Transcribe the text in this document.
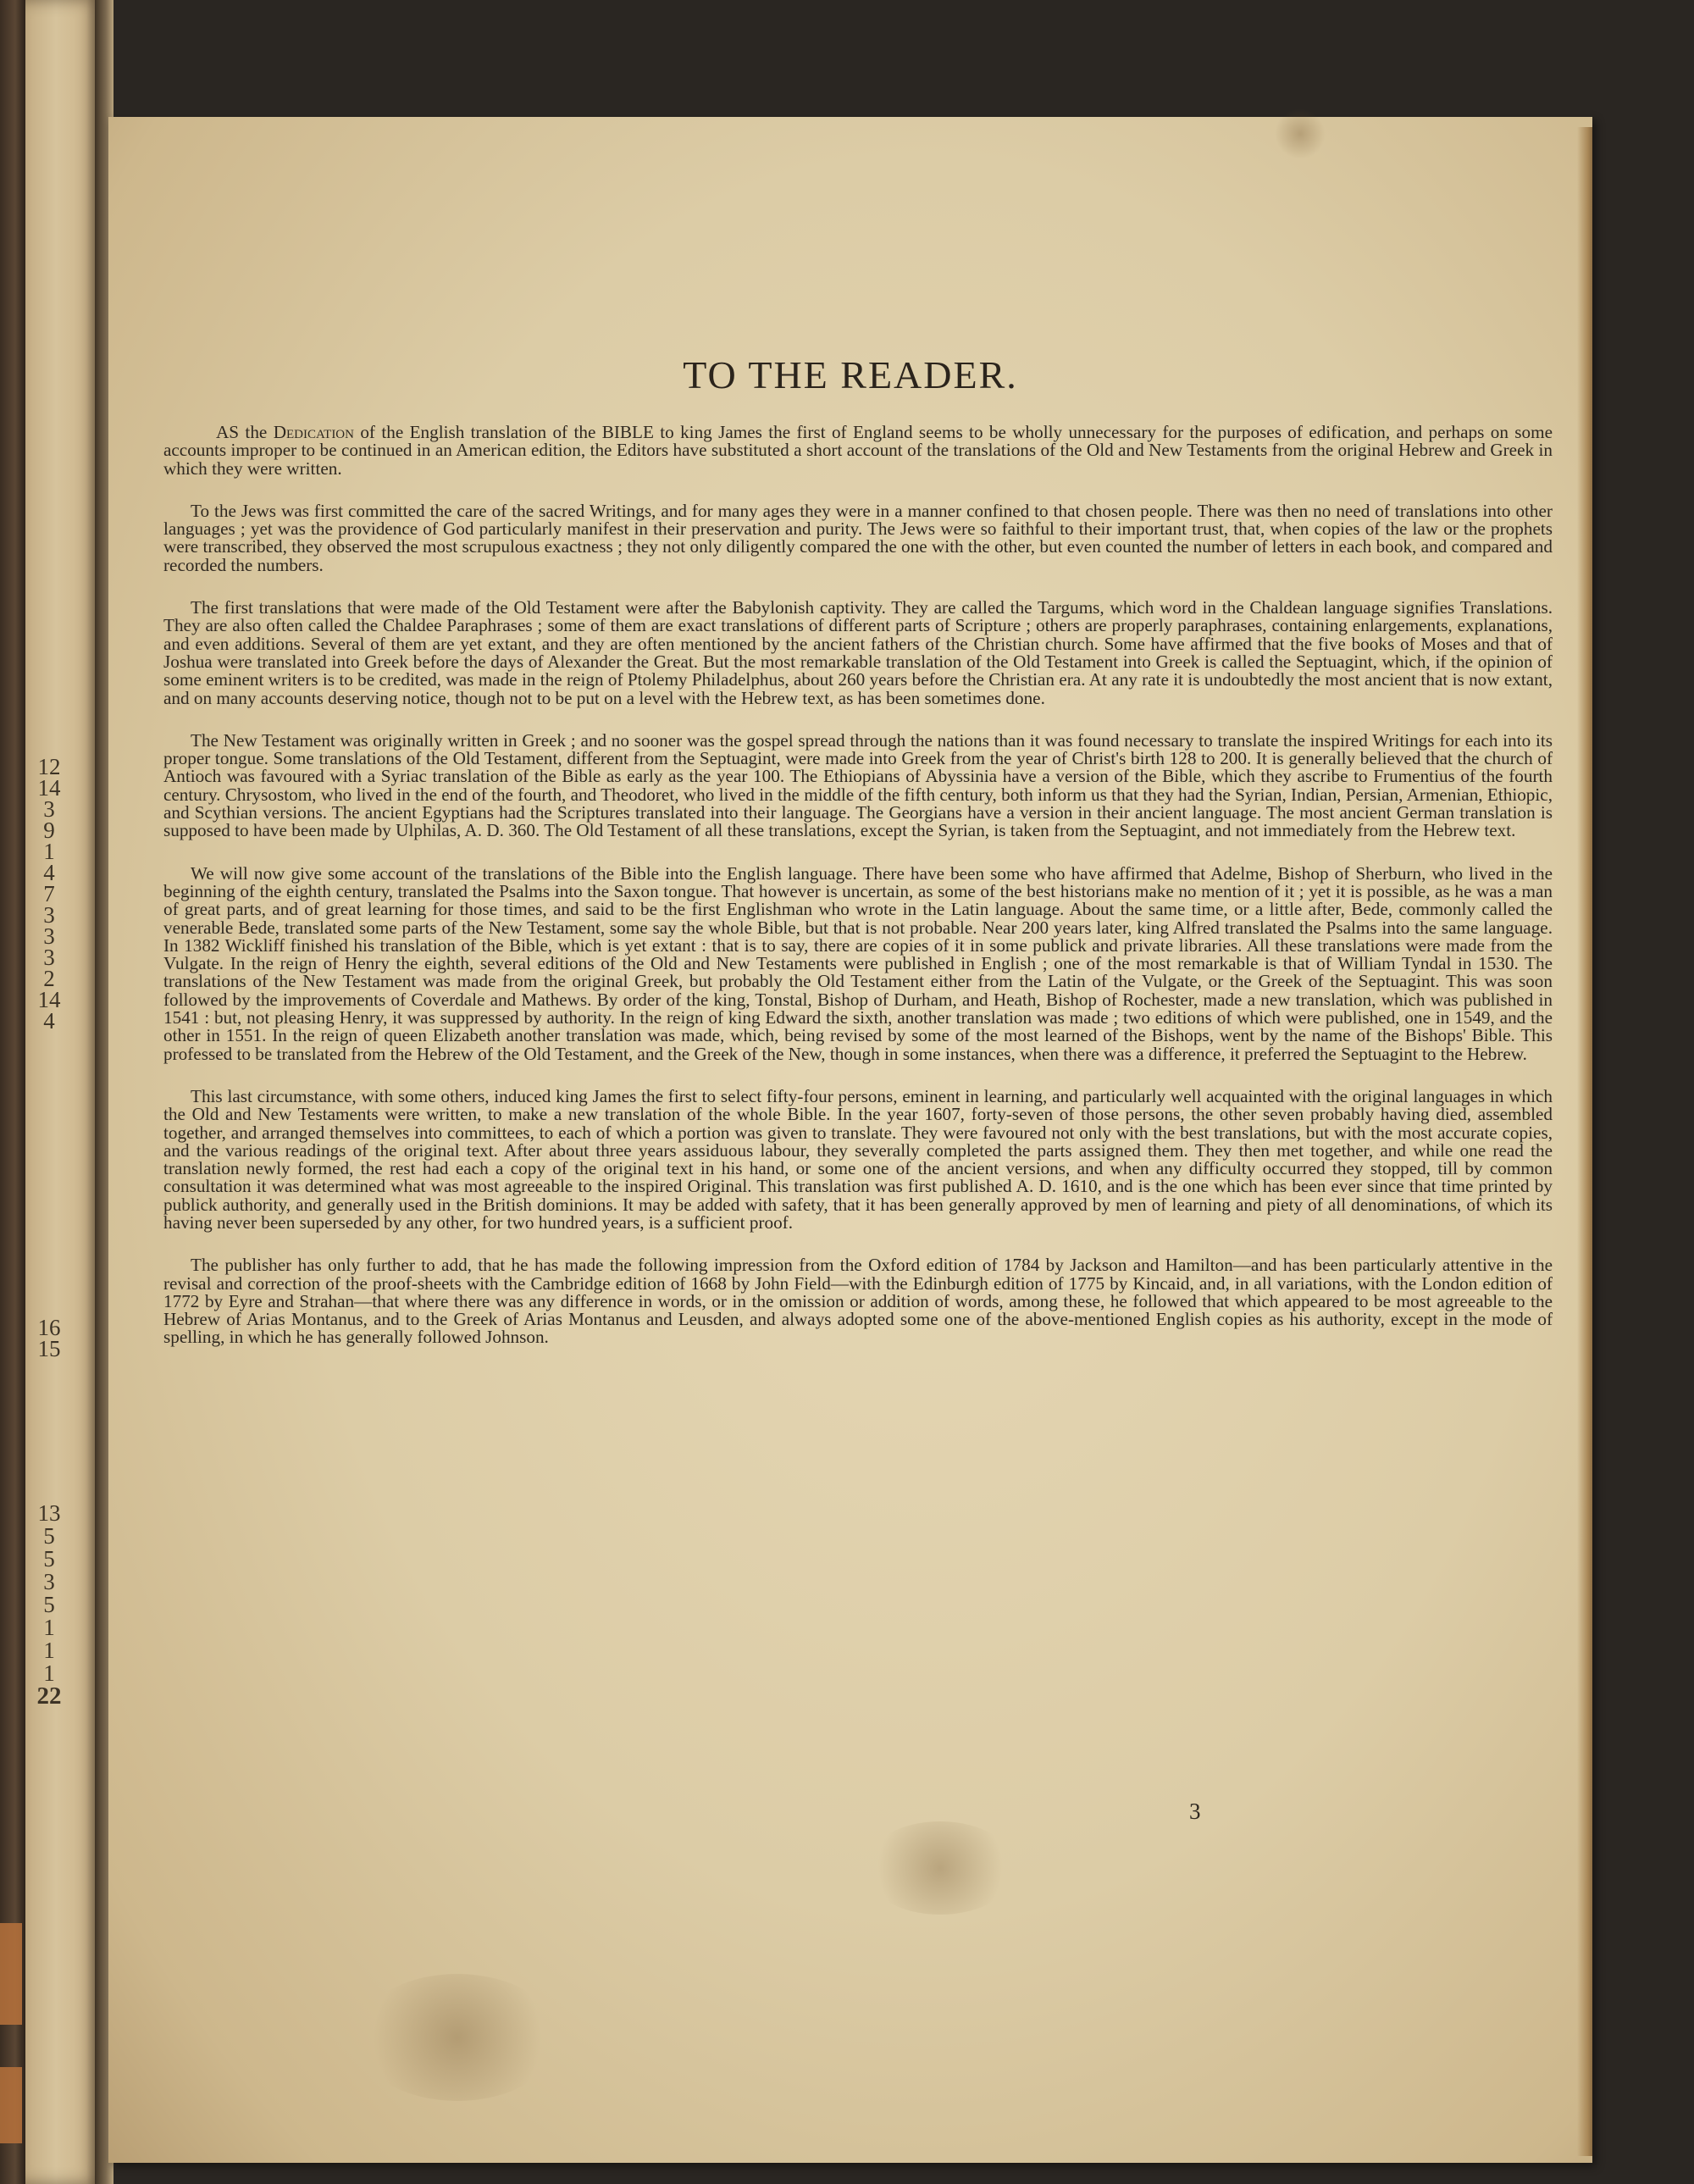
12
14
3
9
1
4
7
3
3
3
2
14
4
16
15
13
5
5
3
5
1
1
1
22
TO THE READER.

AS the Dedication of the English translation of the BIBLE to king James the first of England seems to be wholly unnecessary for the purposes of edification, and perhaps on some accounts improper to be continued in an American edition, the Editors have substituted a short account of the translations of the Old and New Testaments from the original Hebrew and Greek in which they were written.

To the Jews was first committed the care of the sacred Writings, and for many ages they were in a manner confined to that chosen people. There was then no need of translations into other languages ; yet was the providence of God particularly manifest in their preservation and purity. The Jews were so faithful to their important trust, that, when copies of the law or the prophets were transcribed, they observed the most scrupulous exactness ; they not only diligently compared the one with the other, but even counted the number of letters in each book, and compared and recorded the numbers.

The first translations that were made of the Old Testament were after the Babylonish captivity. They are called the Targums, which word in the Chaldean language signifies Translations. They are also often called the Chaldee Paraphrases ; some of them are exact translations of different parts of Scripture ; others are properly paraphrases, containing enlargements, explanations, and even additions. Several of them are yet extant, and they are often mentioned by the ancient fathers of the Christian church. Some have affirmed that the five books of Moses and that of Joshua were translated into Greek before the days of Alexander the Great. But the most remarkable translation of the Old Testament into Greek is called the Septuagint, which, if the opinion of some eminent writers is to be credited, was made in the reign of Ptolemy Philadelphus, about 260 years before the Christian era. At any rate it is undoubtedly the most ancient that is now extant, and on many accounts deserving notice, though not to be put on a level with the Hebrew text, as has been sometimes done.

The New Testament was originally written in Greek ; and no sooner was the gospel spread through the nations than it was found necessary to translate the inspired Writings for each into its proper tongue. Some translations of the Old Testament, different from the Septuagint, were made into Greek from the year of Christ's birth 128 to 200. It is generally believed that the church of Antioch was favoured with a Syriac translation of the Bible as early as the year 100. The Ethiopians of Abyssinia have a version of the Bible, which they ascribe to Frumentius of the fourth century. Chrysostom, who lived in the end of the fourth, and Theodoret, who lived in the middle of the fifth century, both inform us that they had the Syrian, Indian, Persian, Armenian, Ethiopic, and Scythian versions. The ancient Egyptians had the Scriptures translated into their language. The Georgians have a version in their ancient language. The most ancient German translation is supposed to have been made by Ulphilas, A. D. 360. The Old Testament of all these translations, except the Syrian, is taken from the Septuagint, and not immediately from the Hebrew text.

We will now give some account of the translations of the Bible into the English language. There have been some who have affirmed that Adelme, Bishop of Sherburn, who lived in the beginning of the eighth century, translated the Psalms into the Saxon tongue. That however is uncertain, as some of the best historians make no mention of it ; yet it is possible, as he was a man of great parts, and of great learning for those times, and said to be the first Englishman who wrote in the Latin language. About the same time, or a little after, Bede, commonly called the venerable Bede, translated some parts of the New Testament, some say the whole Bible, but that is not probable. Near 200 years later, king Alfred translated the Psalms into the same language. In 1382 Wickliff finished his translation of the Bible, which is yet extant : that is to say, there are copies of it in some publick and private libraries. All these translations were made from the Vulgate. In the reign of Henry the eighth, several editions of the Old and New Testaments were published in English ; one of the most remarkable is that of William Tyndal in 1530. The translations of the New Testament was made from the original Greek, but probably the Old Testament either from the Latin of the Vulgate, or the Greek of the Septuagint. This was soon followed by the improvements of Coverdale and Mathews. By order of the king, Tonstal, Bishop of Durham, and Heath, Bishop of Rochester, made a new translation, which was published in 1541 : but, not pleasing Henry, it was suppressed by authority. In the reign of king Edward the sixth, another translation was made ; two editions of which were published, one in 1549, and the other in 1551. In the reign of queen Elizabeth another translation was made, which, being revised by some of the most learned of the Bishops, went by the name of the Bishops' Bible. This professed to be translated from the Hebrew of the Old Testament, and the Greek of the New, though in some instances, when there was a difference, it preferred the Septuagint to the Hebrew.

This last circumstance, with some others, induced king James the first to select fifty-four persons, eminent in learning, and particularly well acquainted with the original languages in which the Old and New Testaments were written, to make a new translation of the whole Bible. In the year 1607, forty-seven of those persons, the other seven probably having died, assembled together, and arranged themselves into committees, to each of which a portion was given to translate. They were favoured not only with the best translations, but with the most accurate copies, and the various readings of the original text. After about three years assiduous labour, they severally completed the parts assigned them. They then met together, and while one read the translation newly formed, the rest had each a copy of the original text in his hand, or some one of the ancient versions, and when any difficulty occurred they stopped, till by common consultation it was determined what was most agreeable to the inspired Original. This translation was first published A. D. 1610, and is the one which has been ever since that time printed by publick authority, and generally used in the British dominions. It may be added with safety, that it has been generally approved by men of learning and piety of all denominations, of which its having never been superseded by any other, for two hundred years, is a sufficient proof.

The publisher has only further to add, that he has made the following impression from the Oxford edition of 1784 by Jackson and Hamilton—and has been particularly attentive in the revisal and correction of the proof-sheets with the Cambridge edition of 1668 by John Field—with the Edinburgh edition of 1775 by Kincaid, and, in all variations, with the London edition of 1772 by Eyre and Strahan—that where there was any difference in words, or in the omission or addition of words, among these, he followed that which appeared to be most agreeable to the Hebrew of Arias Montanus, and to the Greek of Arias Montanus and Leusden, and always adopted some one of the above-mentioned English copies as his authority, except in the mode of spelling, in which he has generally followed Johnson.

3
